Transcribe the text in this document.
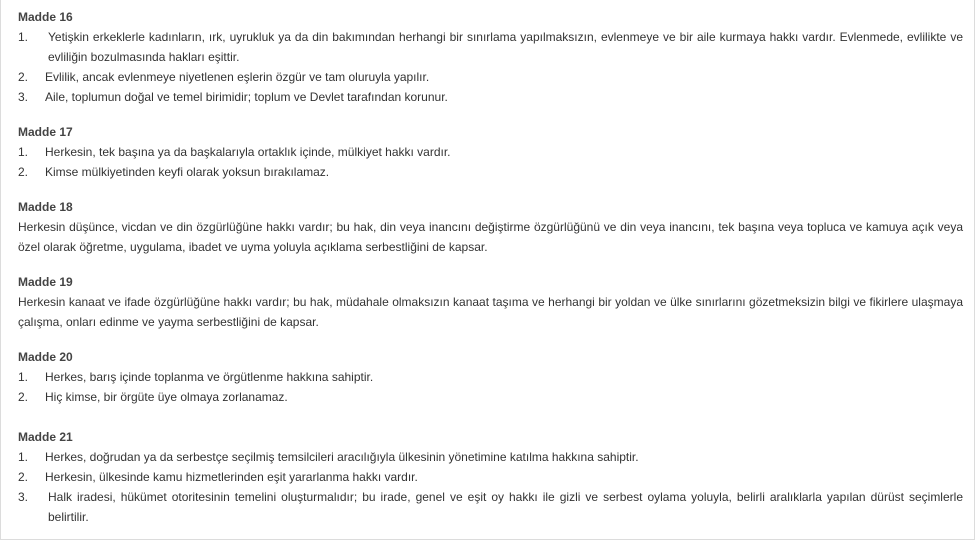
Madde 16
1.	Yetişkin erkeklerle kadınların, ırk, uyrukluk ya da din bakımından herhangi bir sınırlama yapılmaksızın, evlenmeye ve bir aile kurmaya hakkı vardır. Evlenmede, evlilikte ve evliliğin bozulmasında hakları eşittir.
2.	Evlilik, ancak evlenmeye niyetlenen eşlerin özgür ve tam oluruyla yapılır.
3.	Aile, toplumun doğal ve temel birimidir; toplum ve Devlet tarafından korunur.
Madde 17
1.	Herkesin, tek başına ya da başkalarıyla ortaklık içinde, mülkiyet hakkı vardır.
2.	Kimse mülkiyetinden keyfi olarak yoksun bırakılamaz.
Madde 18
Herkesin düşünce, vicdan ve din özgürlüğüne hakkı vardır; bu hak, din veya inancını değiştirme özgürlüğünü ve din veya inancını, tek başına veya topluca ve kamuya açık veya özel olarak öğretme, uygulama, ibadet ve uyma yoluyla açıklama serbestliğini de kapsar.
Madde 19
Herkesin kanaat ve ifade özgürlüğüne hakkı vardır; bu hak, müdahale olmaksızın kanaat taşıma ve herhangi bir yoldan ve ülke sınırlarını gözetmeksizin bilgi ve fikirlere ulaşmaya çalışma, onları edinme ve yayma serbestliğini de kapsar.
Madde 20
1.	Herkes, barış içinde toplanma ve örgütlenme hakkına sahiptir.
2.	Hiç kimse, bir örgüte üye olmaya zorlanamaz.
Madde 21
1.	Herkes, doğrudan ya da serbestçe seçilmiş temsilcileri aracılığıyla ülkesinin yönetimine katılma hakkına sahiptir.
2.	Herkesin, ülkesinde kamu hizmetlerinden eşit yararlanma hakkı vardır.
3.	Halk iradesi, hükümet otoritesinin temelini oluşturmalıdır; bu irade, genel ve eşit oy hakkı ile gizli ve serbest oylama yoluyla, belirli aralıklarla yapılan dürüst seçimlerle belirtilir.
